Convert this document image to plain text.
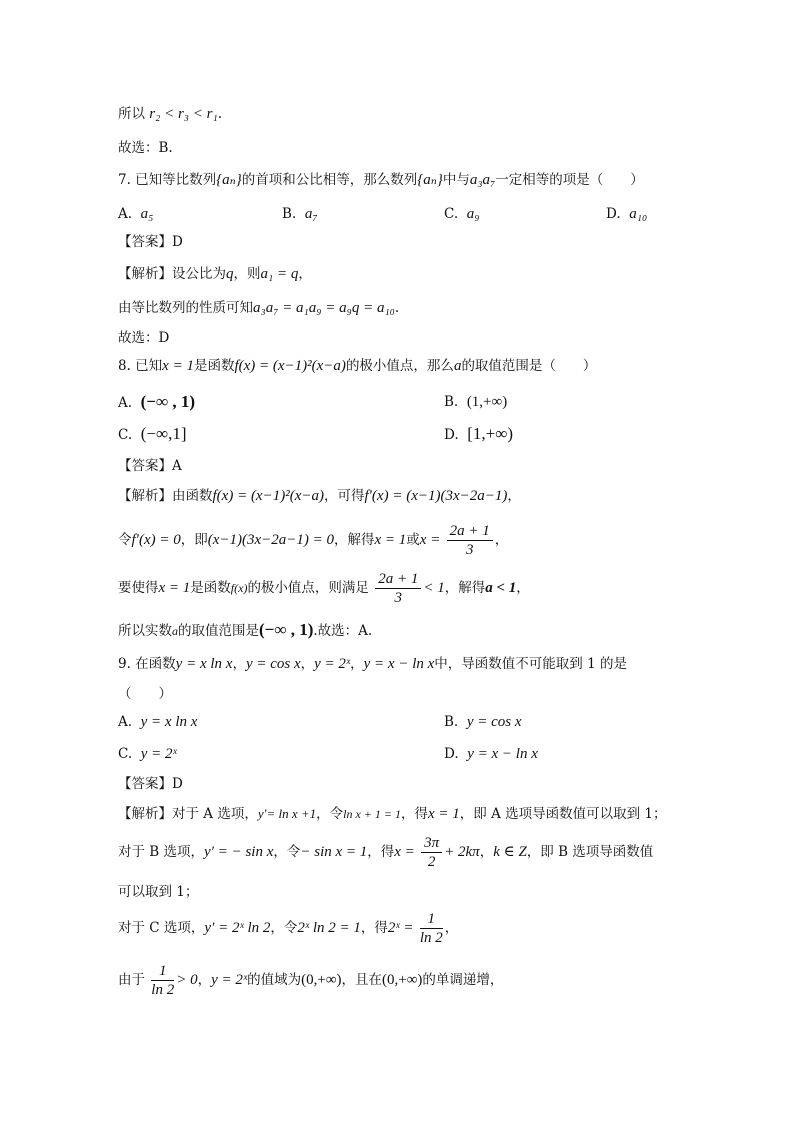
所以 r₂ < r₃ < r₁.
故选：B.
7. 已知等比数列{aₙ}的首项和公比相等，那么数列{aₙ}中与a₃a₇一定相等的项是（　　）
A. a₅	B. a₇	C. a₉	D. a₁₀
【答案】D
【解析】设公比为q，则a₁ = q，
由等比数列的性质可知a₃a₇ = a₁a₉ = a₉q = a₁₀.
故选：D
8. 已知x = 1是函数f(x) = (x−1)²(x−a)的极小值点，那么a的取值范围是（　　）
A. (−∞ , 1)	B. (1,+∞)
C. (−∞,1]	D. [1,+∞)
【答案】A
【解析】由函数f(x) = (x−1)²(x−a)，可得f′(x) = (x−1)(3x−2a−1)，
令f′(x) = 0，即(x−1)(3x−2a−1) = 0，解得x = 1或$x = \frac{2a + 1}{3}$ ，
要使得x = 1是函数f(x)的极小值点，则满足 $\frac{2a + 1}{3} < 1$，解得a < 1，
所以实数a的取值范围是(−∞ , 1).故选：A.
9. 在函数y = x ln x，y = cos x，y = 2ˣ，y = x − ln x中，导函数值不可能取到 1 的是
（　　）
A. y = x ln x	B. y = cos x
C. y = 2ˣ	D. y = x − ln x
【答案】D
【解析】对于 A 选项，y′= ln x +1，令ln x + 1 = 1，得x = 1，即 A 选项导函数值可以取到 1；
对于 B 选项，y′ = − sin x，令− sin x = 1，得$x = \frac{3\pi}{2} + 2k\pi$，k ∈ Z，即 B 选项导函数值
可以取到 1；
对于 C 选项，y′ = 2ˣ ln 2，令2ˣ ln 2 = 1，得2ˣ = $\frac{1}{\ln 2}$ ，
由于 $\frac{1}{\ln 2} > 0$，y = 2ˣ的值域为(0,+∞)，且在(0,+∞)的单调递增，
